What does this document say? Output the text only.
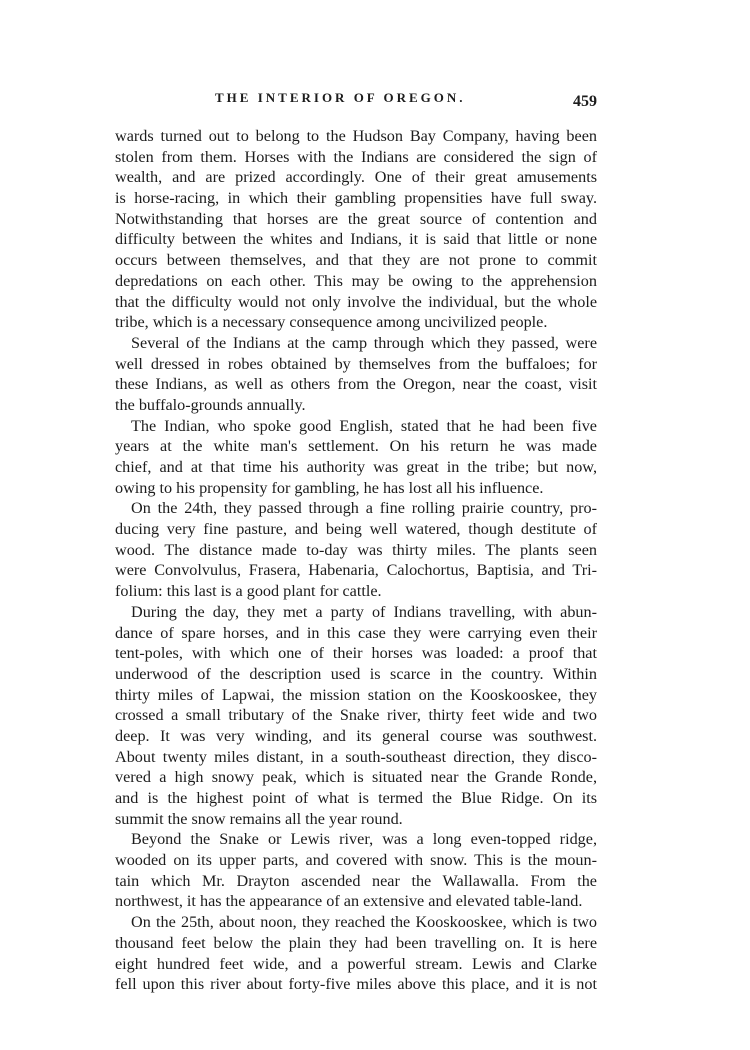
THE INTERIOR OF OREGON.	459
wards turned out to belong to the Hudson Bay Company, having been
stolen from them. Horses with the Indians are considered the sign of
wealth, and are prized accordingly. One of their great amusements
is horse-racing, in which their gambling propensities have full sway.
Notwithstanding that horses are the great source of contention and
difficulty between the whites and Indians, it is said that little or none
occurs between themselves, and that they are not prone to commit
depredations on each other. This may be owing to the apprehension
that the difficulty would not only involve the individual, but the whole
tribe, which is a necessary consequence among uncivilized people.
Several of the Indians at the camp through which they passed, were
well dressed in robes obtained by themselves from the buffaloes; for
these Indians, as well as others from the Oregon, near the coast, visit
the buffalo-grounds annually.
The Indian, who spoke good English, stated that he had been five
years at the white man's settlement. On his return he was made
chief, and at that time his authority was great in the tribe; but now,
owing to his propensity for gambling, he has lost all his influence.
On the 24th, they passed through a fine rolling prairie country, pro-
ducing very fine pasture, and being well watered, though destitute of
wood. The distance made to-day was thirty miles. The plants seen
were Convolvulus, Frasera, Habenaria, Calochortus, Baptisia, and Tri-
folium: this last is a good plant for cattle.
During the day, they met a party of Indians travelling, with abun-
dance of spare horses, and in this case they were carrying even their
tent-poles, with which one of their horses was loaded: a proof that
underwood of the description used is scarce in the country. Within
thirty miles of Lapwai, the mission station on the Kooskooskee, they
crossed a small tributary of the Snake river, thirty feet wide and two
deep. It was very winding, and its general course was southwest.
About twenty miles distant, in a south-southeast direction, they disco-
vered a high snowy peak, which is situated near the Grande Ronde,
and is the highest point of what is termed the Blue Ridge. On its
summit the snow remains all the year round.
Beyond the Snake or Lewis river, was a long even-topped ridge,
wooded on its upper parts, and covered with snow. This is the moun-
tain which Mr. Drayton ascended near the Wallawalla. From the
northwest, it has the appearance of an extensive and elevated table-land.
On the 25th, about noon, they reached the Kooskooskee, which is two
thousand feet below the plain they had been travelling on. It is here
eight hundred feet wide, and a powerful stream. Lewis and Clarke
fell upon this river about forty-five miles above this place, and it is not
